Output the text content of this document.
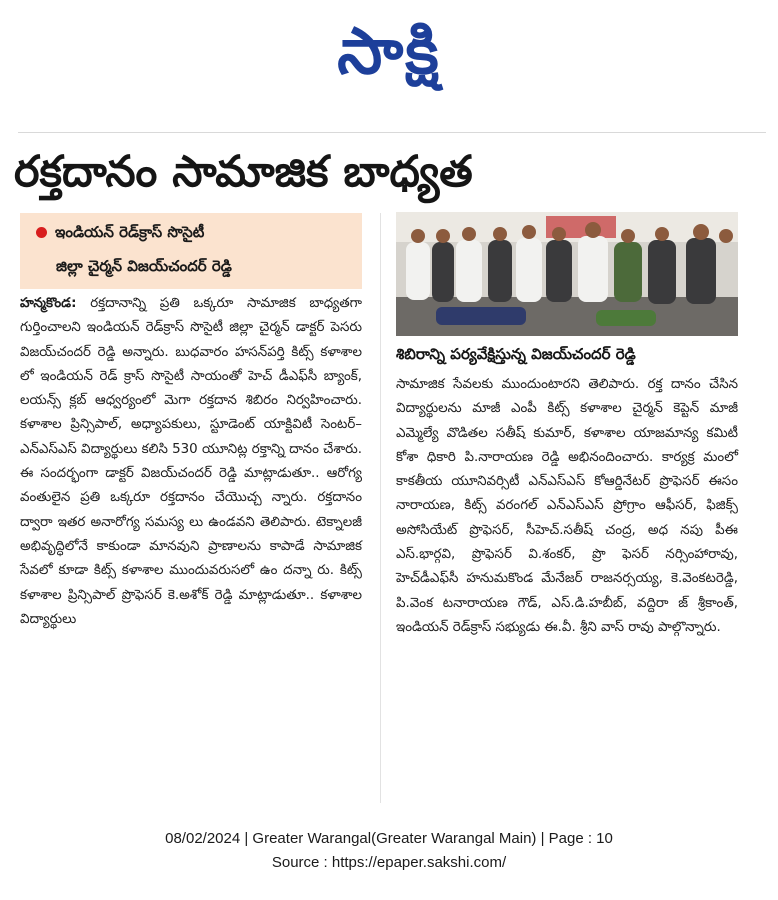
సాక్షి
రక్తదానం సామాజిక బాధ్యత
ఇండియన్ రెడ్‌క్రాస్ సొసైటీ
జిల్లా చైర్మన్ విజయ్‌చందర్ రెడ్డి
శిబిరాన్ని పర్యవేక్షిస్తున్న విజయ్‌చందర్ రెడ్డి
హన్మకొండ: రక్తదానాన్ని ప్రతి ఒక్కరూ సామాజిక బాధ్యతగా గుర్తించాలని ఇండియన్ రెడ్‌క్రాస్ సొసైటీ జిల్లా చైర్మన్ డాక్టర్ పెసరు విజయ్‌చందర్ రెడ్డి అన్నారు. బుధవారం హసన్‌పర్తి కిట్స్ కళాశాల లో ఇండియన్ రెడ్ క్రాస్ సొసైటీ సాయంతో హెచ్ డీఎఫ్‌సీ బ్యాంక్, లయన్స్ క్లబ్ ఆధ్వర్యంలో మెగా రక్తదాన శిబిరం నిర్వహించారు. కళాశాల ప్రిన్సిపాల్, అధ్యాపకులు, స్టూడెంట్ యాక్టివిటీ సెంటర్–ఎన్‌ఎస్‌ఎస్ విద్యార్థులు కలిసి 530 యూనిట్ల రక్తాన్ని దానం చేశారు. ఈ సందర్భంగా డాక్టర్ విజయ్‌చందర్ రెడ్డి మాట్లాడుతూ.. ఆరోగ్య వంతులైన ప్రతి ఒక్కరూ రక్తదానం చేయొచ్చ న్నారు. రక్తదానం ద్వారా ఇతర అనారోగ్య సమస్య లు ఉండవని తెలిపారు. టెక్నాలజీ అభివృద్ధిలోనే కాకుండా మానవుని ప్రాణాలను కాపాడే సామాజిక సేవలో కూడా కిట్స్ కళాశాల ముందువరుసలో ఉం దన్నా రు. కిట్స్ కళాశాల ప్రిన్సిపాల్ ప్రొఫెసర్ కె.అశోక్ రెడ్డి మాట్లాడుతూ.. కళాశాల విద్యార్థులు
సామాజిక సేవలకు ముందుంటారని తెలిపారు. రక్త దానం చేసిన విద్యార్థులను మాజీ ఎంపీ కిట్స్ కళాశాల చైర్మన్ కెప్టెన్ మాజీ ఎమ్మెల్యే వొడితల సతీష్ కుమార్, కళాశాల యాజమాన్య కమిటీ కోశా ధికారి పి.నారాయణ రెడ్డి అభినందించారు. కార్యక్ర మంలో కాకతీయ యూనివర్సిటీ ఎన్‌ఎస్‌ఎస్ కోఆర్డినేటర్ ప్రొఫెసర్ ఈసం నారాయణ, కిట్స్ వరంగల్ ఎన్‌ఎస్‌ఎస్ ప్రోగ్రాం ఆఫీసర్, ఫిజిక్స్ అసోసియేట్ ప్రొఫెసర్, సీహెచ్.సతీష్ చంద్ర, అధ నపు పీఈ ఎస్.భార్గవి, ప్రొఫెసర్ వి.శంకర్, ప్రొ ఫెసర్ నర్సింహారావు, హెచ్‌డీఎఫ్‌సీ హనుమకొండ మేనేజర్ రాజనర్సయ్య, కె.వెంకటరెడ్డి, పి.వెంక టనారాయణ గౌడ్, ఎస్.డి.హబీబ్, వద్దిరా జ్ శ్రీకాంత్, ఇండియన్ రెడ్‌క్రాస్ సభ్యుడు ఈ.వీ. శ్రీని వాస్ రావు పాల్గొన్నారు.
08/02/2024 | Greater Warangal(Greater Warangal Main) | Page : 10
Source : https://epaper.sakshi.com/
